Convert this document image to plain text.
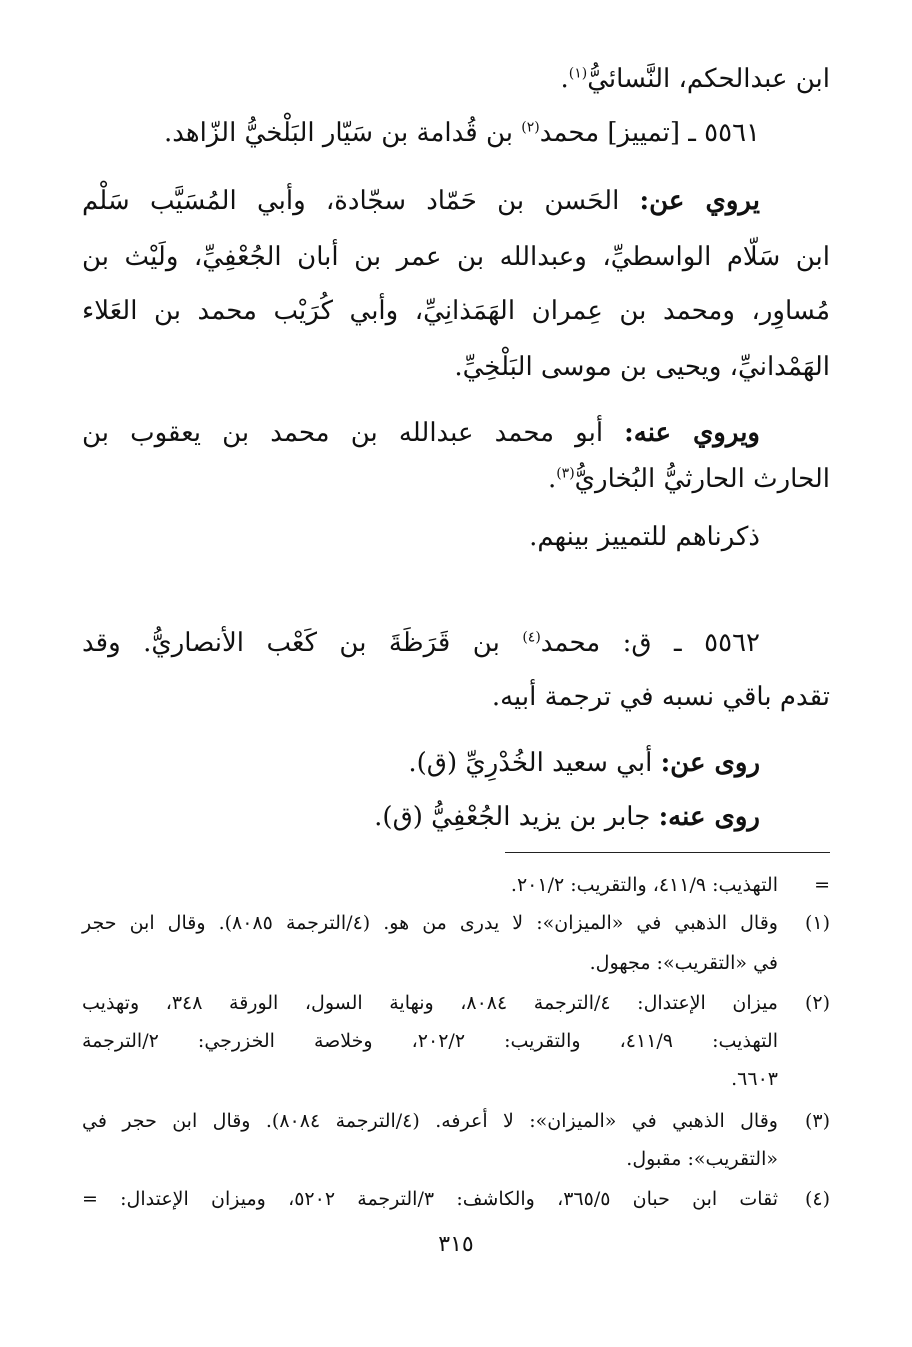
ابن عبدالحكم، النَّسائيُّ$^{(١)}$.
٥٥٦١ ـ [تمييز] محمد$^{(٢)}$ بن قُدامة بن سَيّار البَلْخيُّ الزّاهد.
يروي عن: الحَسن بن حَمّاد سجّادة، وأبي المُسَيَّب سَلْم
ابن سَلّام الواسطيِّ، وعبدالله بن عمر بن أبان الجُعْفِيِّ، ولَيْث بن
مُساوِر، ومحمد بن عِمران الهَمَذانِيِّ، وأبي كُرَيْب محمد بن العَلاء
الهَمْدانيِّ، ويحيى بن موسى البَلْخِيِّ.
ويروي عنه: أبو محمد عبدالله بن محمد بن يعقوب بن
الحارث الحارثيُّ البُخاريُّ$^{(٣)}$.
ذكرناهم للتمييز بينهم.
٥٥٦٢ ـ ق: محمد$^{(٤)}$ بن قَرَظَةَ بن كَعْب الأنصاريُّ. وقد
تقدم باقي نسبه في ترجمة أبيه.
روى عن: أبي سعيد الخُدْرِيِّ (ق).
روى عنه: جابر بن يزيد الجُعْفِيُّ (ق).
=
التهذيب: ٤١١/٩، والتقريب: ٢٠١/٢.
(١)
وقال الذهبي في «الميزان»: لا يدرى من هو. (٤/الترجمة ٨٠٨٥). وقال ابن حجر
في «التقريب»: مجهول.
(٢)
ميزان الإعتدال: ٤/الترجمة ٨٠٨٤، ونهاية السول، الورقة ٣٤٨، وتهذيب
التهذيب: ٤١١/٩، والتقريب: ٢٠٢/٢، وخلاصة الخزرجي: ٢/الترجمة
٦٦٠٣.
(٣)
وقال الذهبي في «الميزان»: لا أعرفه. (٤/الترجمة ٨٠٨٤). وقال ابن حجر في
«التقريب»: مقبول.
(٤)
ثقات ابن حبان ٣٦٥/٥، والكاشف: ٣/الترجمة ٥٢٠٢، وميزان الإعتدال: =
٣١٥
